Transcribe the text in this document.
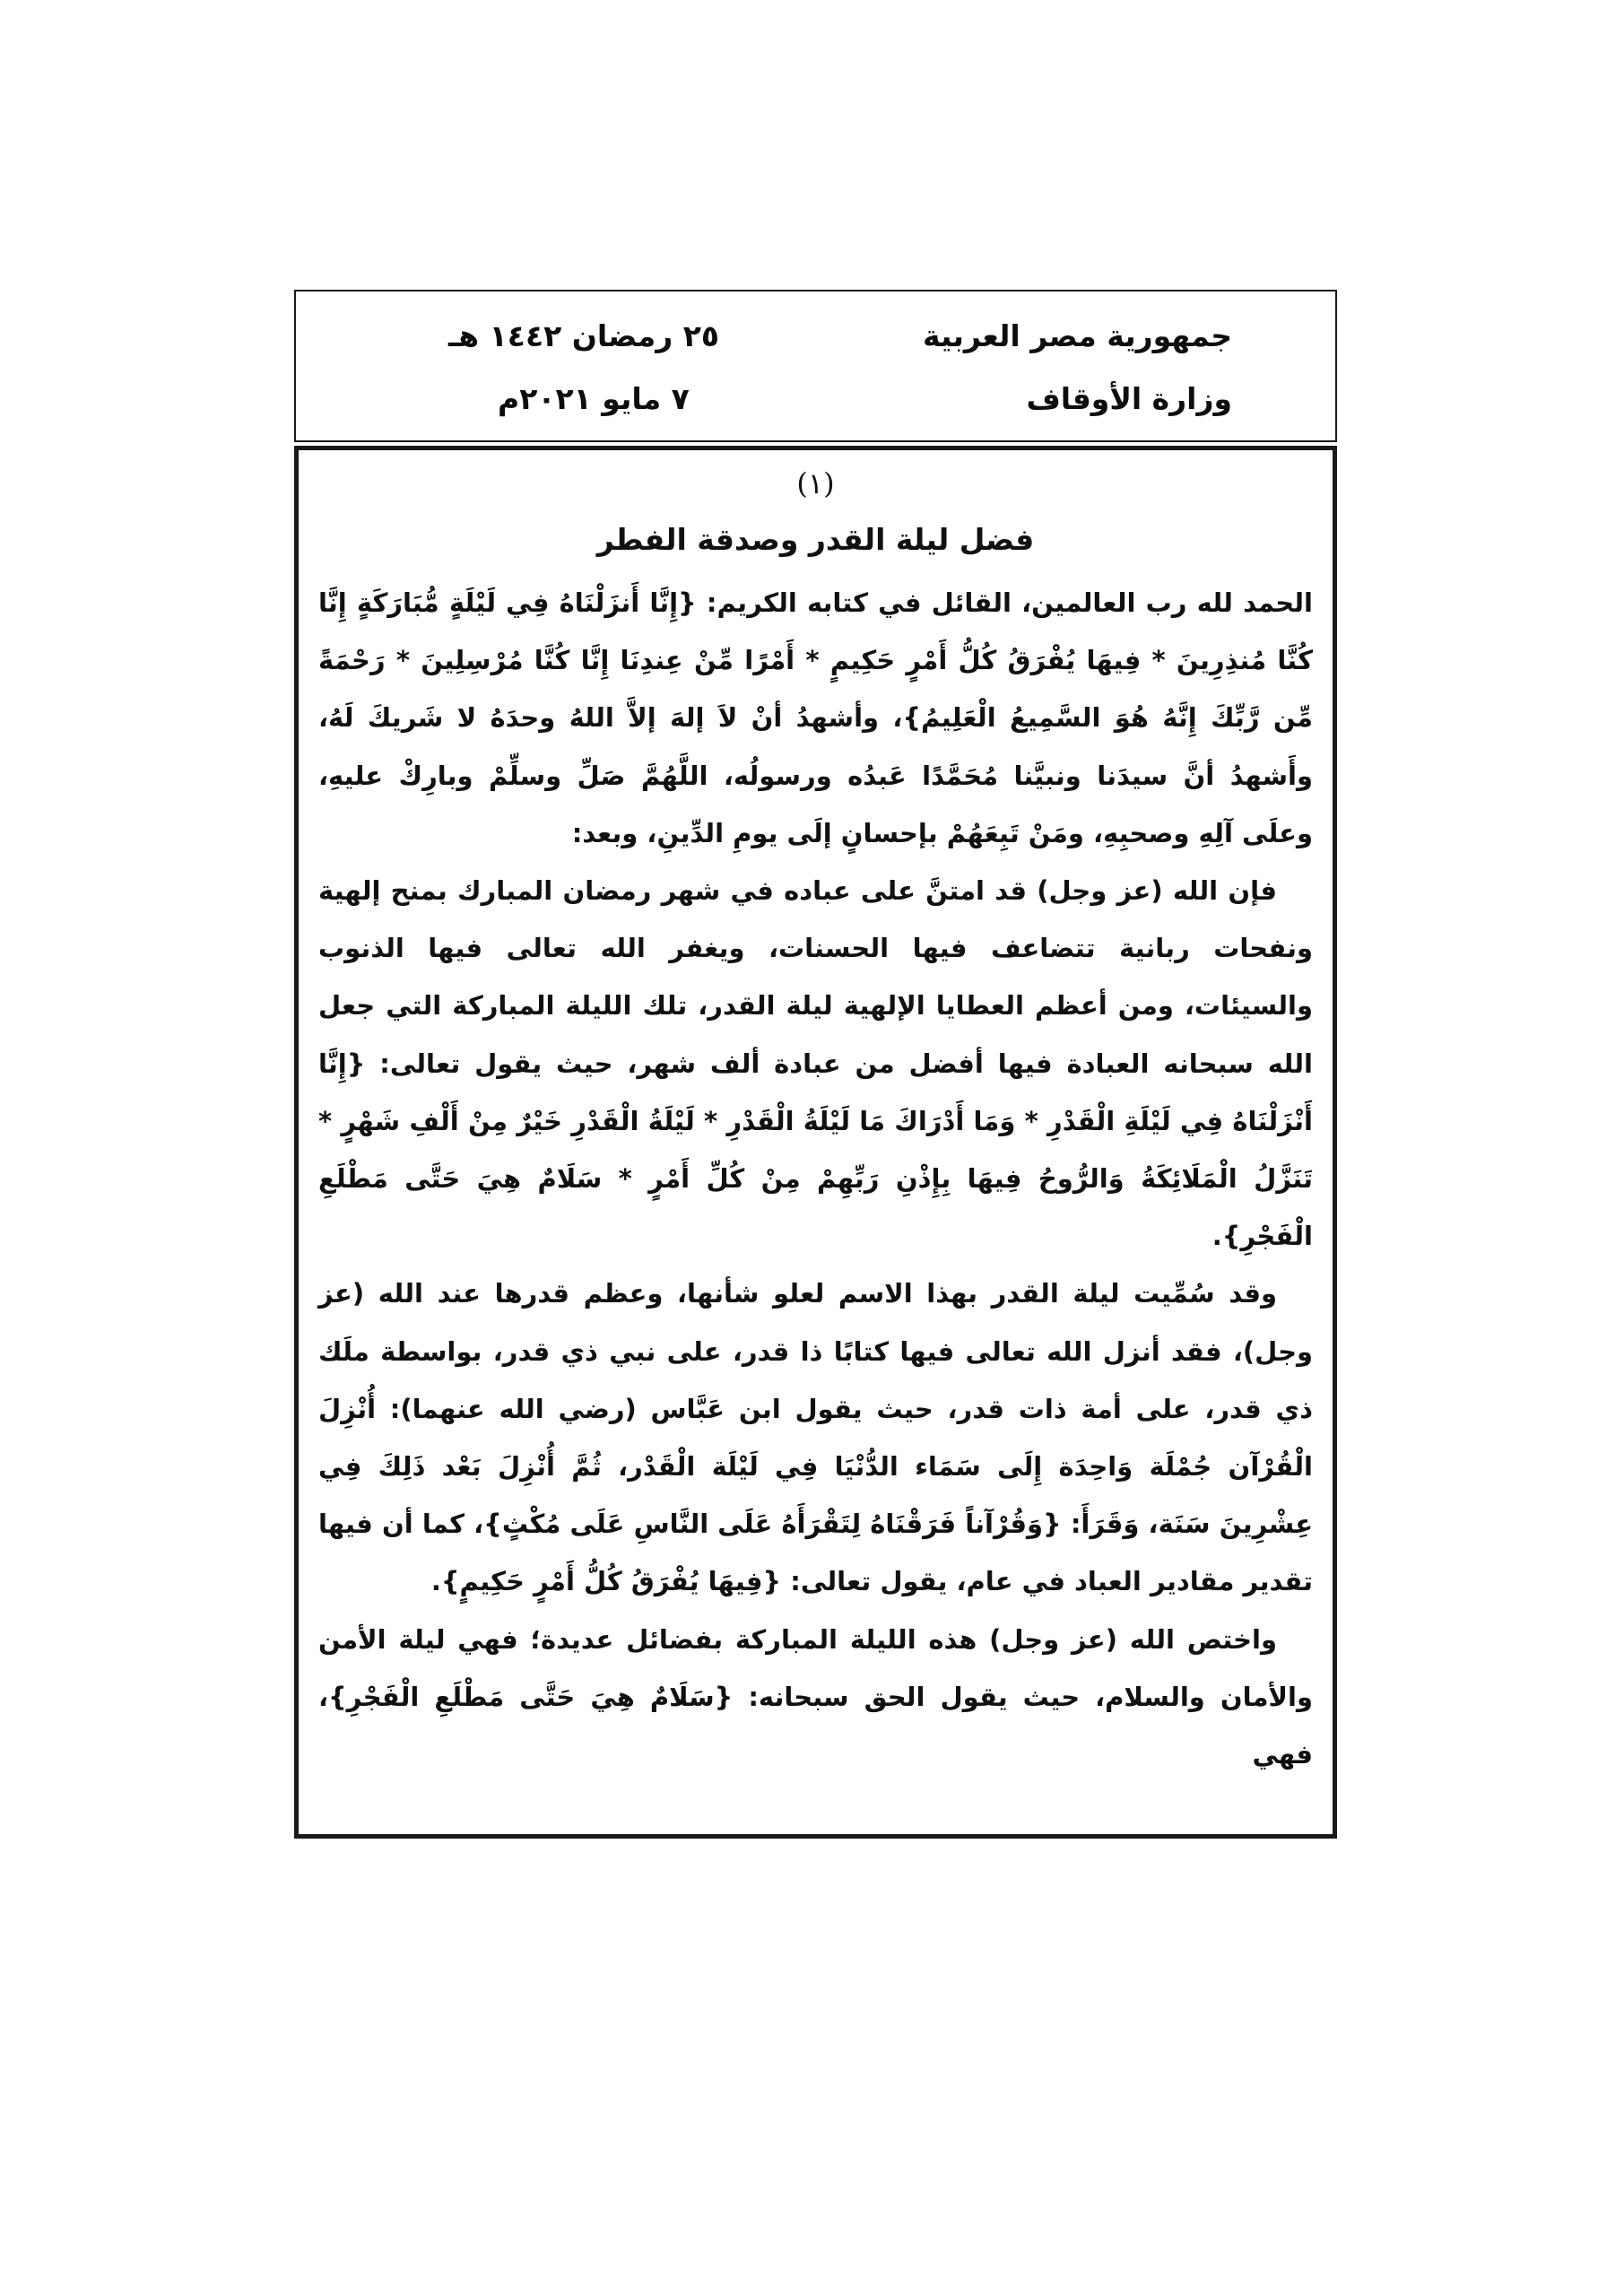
جمهورية مصر العربية
وزارة الأوقاف
٢٥ رمضان ١٤٤٢ هـ
٧ مايو ٢٠٢١م
(١)
فضل ليلة القدر وصدقة الفطر

الحمد لله رب العالمين، القائل في كتابه الكريم: {إِنَّا أَنزَلْنَاهُ فِي لَيْلَةٍ مُّبَارَكَةٍ إِنَّا كُنَّا مُنذِرِينَ * فِيهَا يُفْرَقُ كُلُّ أَمْرٍ حَكِيمٍ * أَمْرًا مِّنْ عِندِنَا إِنَّا كُنَّا مُرْسِلِينَ * رَحْمَةً مِّن رَّبِّكَ إِنَّهُ هُوَ السَّمِيعُ الْعَلِيمُ}، وأشهدُ أنْ لاَ إلهَ إلاَّ اللهُ وحدَهُ لا شَريكَ لَهُ، وأَشهدُ أنَّ سيدَنا ونبيَّنا مُحَمَّدًا عَبدُه ورسولُه، اللَّهُمَّ صَلِّ وسلِّمْ وبارِكْ عليهِ، وعلَى آلِهِ وصحبِهِ، ومَنْ تَبِعَهُمْ بإحسانٍ إلَى يومِ الدِّينِ، وبعد:

فإن الله (عز وجل) قد امتنَّ على عباده في شهر رمضان المبارك بمنح إلهية ونفحات ربانية تتضاعف فيها الحسنات، ويغفر الله تعالى فيها الذنوب والسيئات، ومن أعظم العطايا الإلهية ليلة القدر، تلك الليلة المباركة التي جعل الله سبحانه العبادة فيها أفضل من عبادة ألف شهر، حيث يقول تعالى: {إِنَّا أَنْزَلْنَاهُ فِي لَيْلَةِ الْقَدْرِ * وَمَا أَدْرَاكَ مَا لَيْلَةُ الْقَدْرِ * لَيْلَةُ الْقَدْرِ خَيْرٌ مِنْ أَلْفِ شَهْرٍ * تَنَزَّلُ الْمَلَائِكَةُ وَالرُّوحُ فِيهَا بِإِذْنِ رَبِّهِمْ مِنْ كُلِّ أَمْرٍ * سَلَامٌ هِيَ حَتَّى مَطْلَعِ الْفَجْرِ}.

وقد سُمِّيت ليلة القدر بهذا الاسم لعلو شأنها، وعظم قدرها عند الله (عز وجل)، فقد أنزل الله تعالى فيها كتابًا ذا قدر، على نبي ذي قدر، بواسطة ملَك ذي قدر، على أمة ذات قدر، حيث يقول ابن عَبَّاس (رضي الله عنهما): أُنْزِلَ الْقُرْآن جُمْلَة وَاحِدَة إِلَى سَمَاء الدُّنْيَا فِي لَيْلَة الْقَدْر، ثُمَّ أُنْزِلَ بَعْد ذَلِكَ فِي عِشْرِينَ سَنَة، وَقَرَأَ: {وَقُرْآناً فَرَقْنَاهُ لِتَقْرَأَهُ عَلَى النَّاسِ عَلَى مُكْثٍ}، كما أن فيها تقدير مقادير العباد في عام، يقول تعالى: {فِيهَا يُفْرَقُ كُلُّ أَمْرٍ حَكِيمٍ}.

واختص الله (عز وجل) هذه الليلة المباركة بفضائل عديدة؛ فهي ليلة الأمن والأمان والسلام، حيث يقول الحق سبحانه: {سَلَامٌ هِيَ حَتَّى مَطْلَعِ الْفَجْرِ}، فهي
